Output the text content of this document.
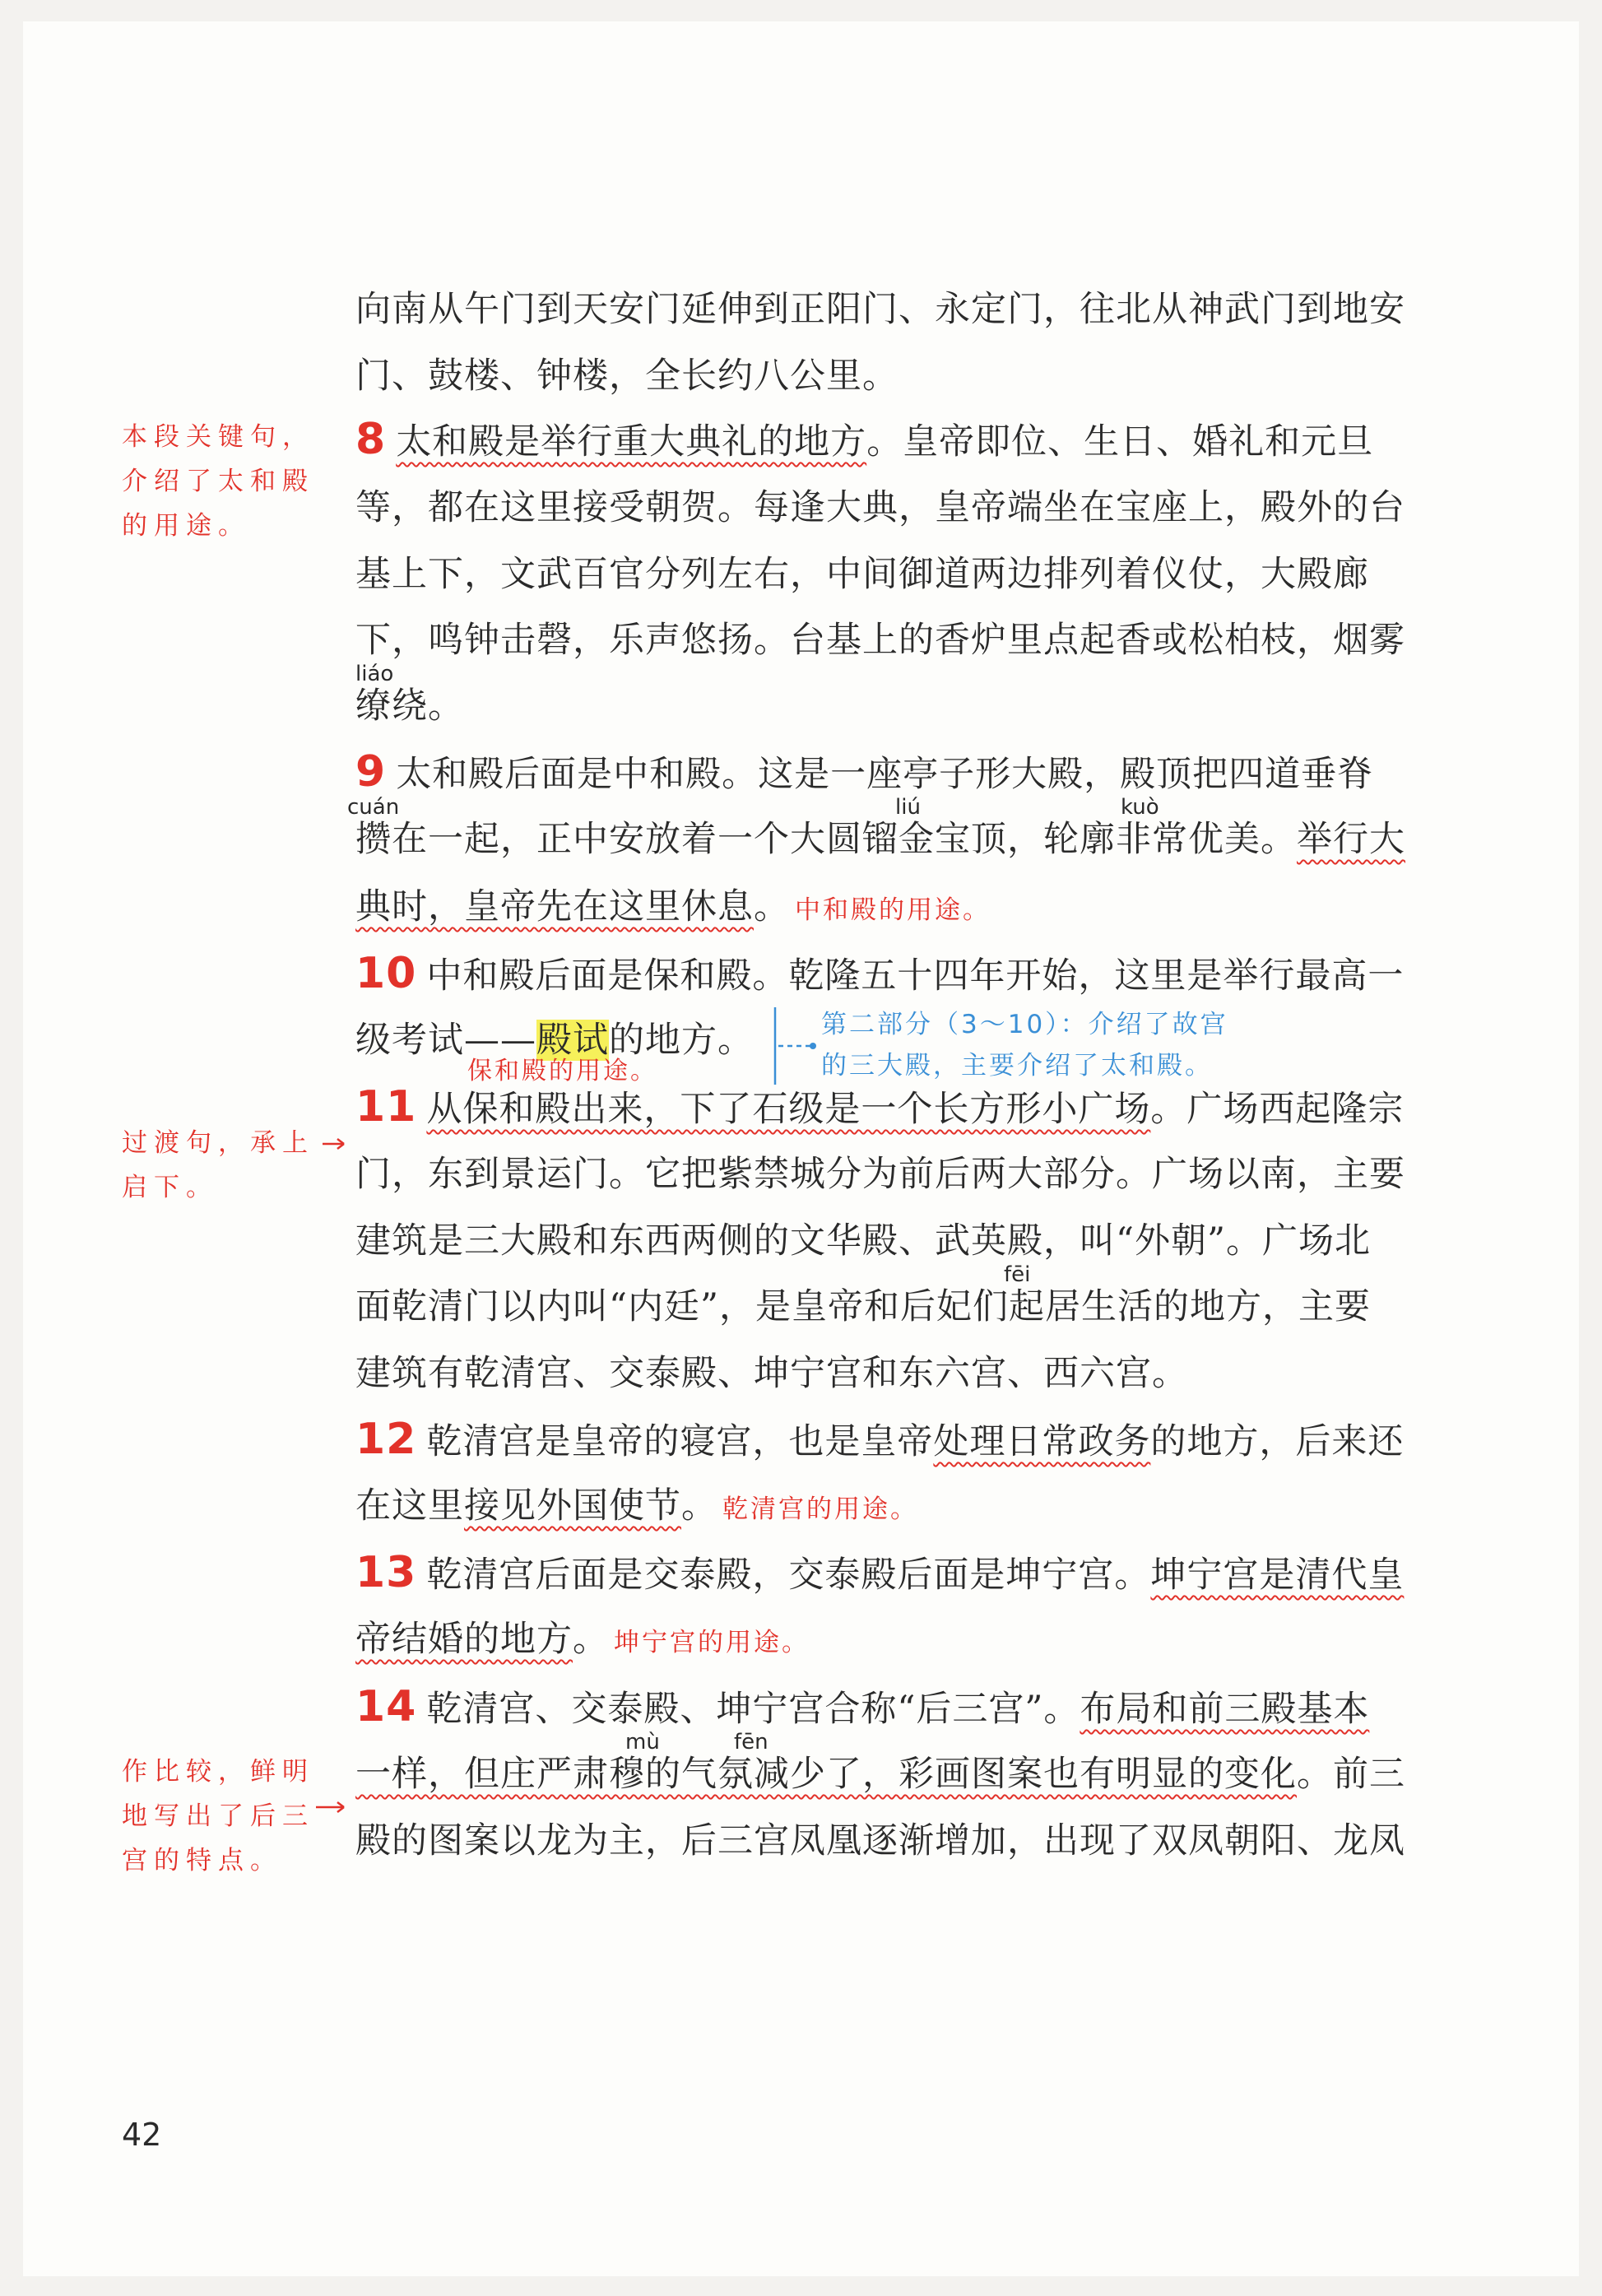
向南从午门到天安门延伸到正阳门、永定门，往北从神武门到地安
门、鼓楼、钟楼，全长约八公里。
8 太和殿是举行重大典礼的地方。皇帝即位、生日、婚礼和元旦
等，都在这里接受朝贺。每逢大典，皇帝端坐在宝座上，殿外的台
基上下，文武百官分列左右，中间御道两边排列着仪仗，大殿廊
下，鸣钟击磬，乐声悠扬。台基上的香炉里点起香或松柏枝，烟雾
liáo
缭绕。
本段关键句，
介绍了太和殿
的用途。
9 太和殿后面是中和殿。这是一座亭子形大殿，殿顶把四道垂脊
cuán	liú	kuò
攒在一起，正中安放着一个大圆镏金宝顶，轮廓非常优美。举行大
典时，皇帝先在这里休息。 中和殿的用途。
10 中和殿后面是保和殿。乾隆五十四年开始，这里是举行最高一
级考试——殿试的地方。
保和殿的用途。
第二部分（3～10）：介绍了故宫
的三大殿，主要介绍了太和殿。
11 从保和殿出来，下了石级是一个长方形小广场。广场西起隆宗
门，东到景运门。它把紫禁城分为前后两大部分。广场以南，主要
建筑是三大殿和东西两侧的文华殿、武英殿，叫“外朝”。广场北
fēi
面乾清门以内叫“内廷”，是皇帝和后妃们起居生活的地方，主要
建筑有乾清宫、交泰殿、坤宁宫和东六宫、西六宫。
过渡句，承上
启下。
12 乾清宫是皇帝的寝宫，也是皇帝处理日常政务的地方，后来还
在这里接见外国使节。 乾清宫的用途。
13 乾清宫后面是交泰殿，交泰殿后面是坤宁宫。坤宁宫是清代皇
帝结婚的地方。 坤宁宫的用途。
14 乾清宫、交泰殿、坤宁宫合称“后三宫”。布局和前三殿基本
mù	fēn
一样，但庄严肃穆的气氛减少了，彩画图案也有明显的变化。前三
殿的图案以龙为主，后三宫凤凰逐渐增加，出现了双凤朝阳、龙凤
作比较，鲜明
地写出了后三
宫的特点。
42
